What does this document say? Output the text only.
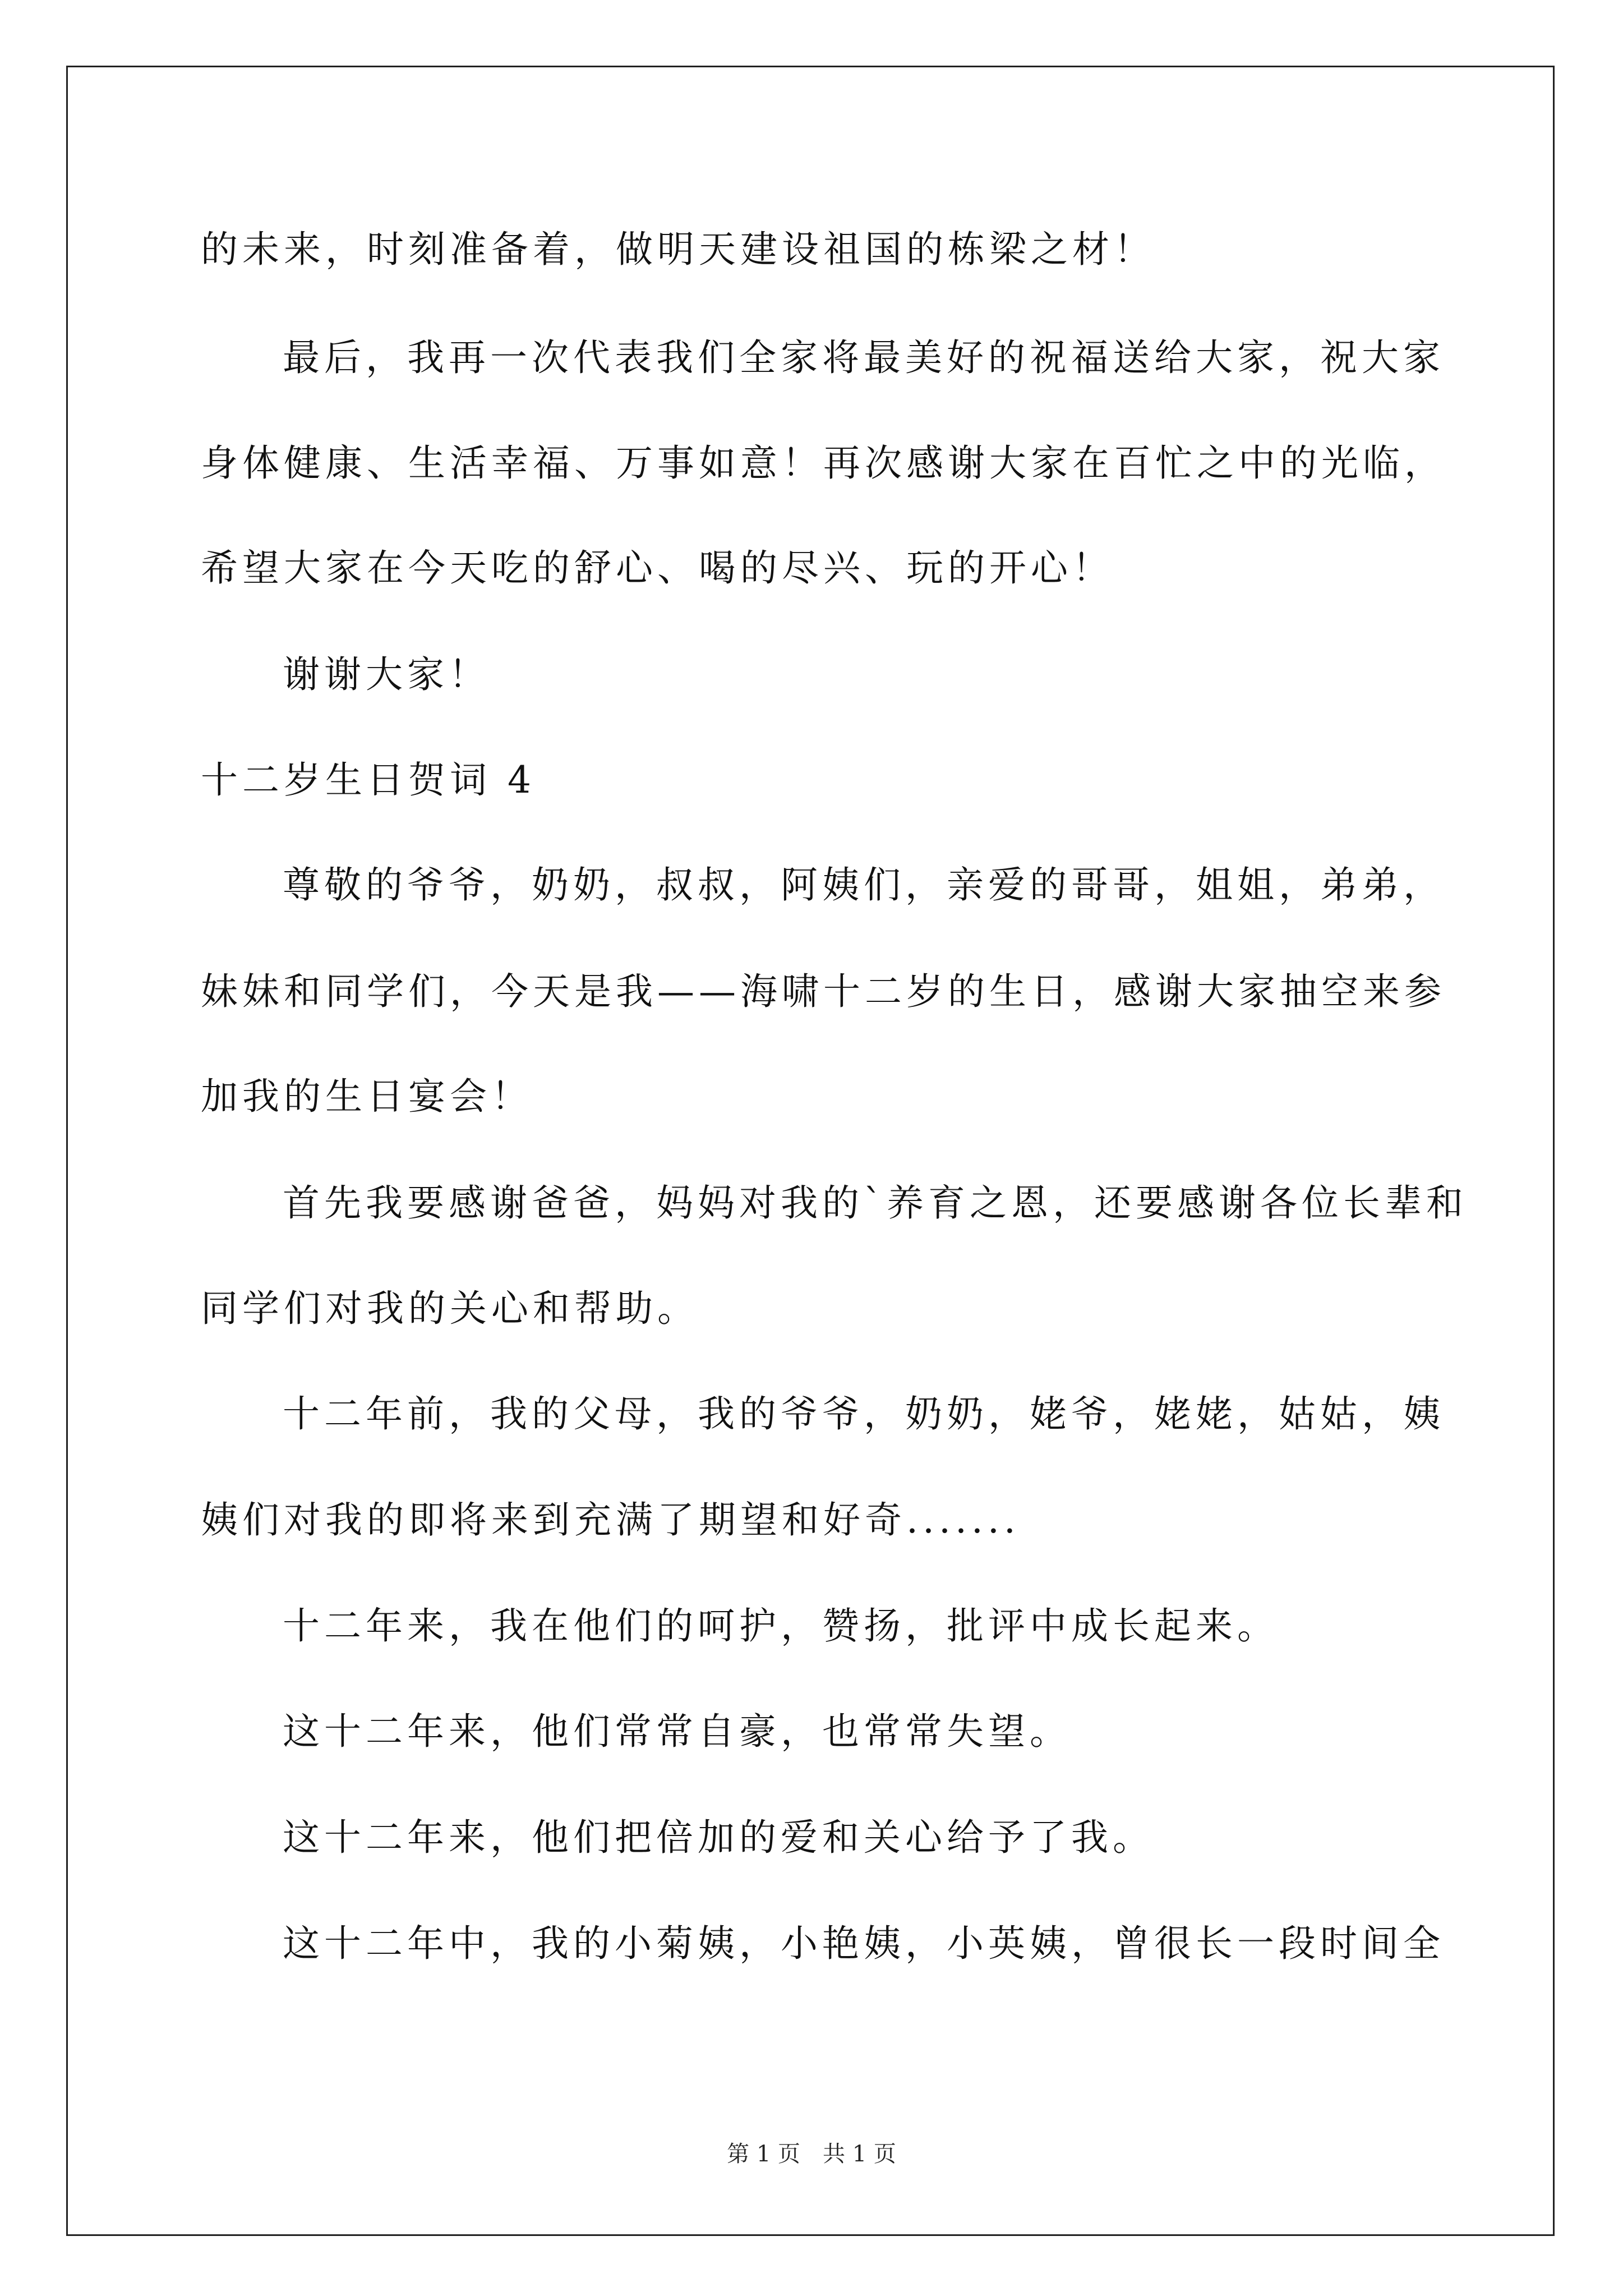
的未来，时刻准备着，做明天建设祖国的栋梁之材！
最后，我再一次代表我们全家将最美好的祝福送给大家，祝大家
身体健康、生活幸福、万事如意！再次感谢大家在百忙之中的光临，
希望大家在今天吃的舒心、喝的尽兴、玩的开心！
谢谢大家！
十二岁生日贺词 4
尊敬的爷爷，奶奶，叔叔，阿姨们，亲爱的哥哥，姐姐，弟弟，
妹妹和同学们，今天是我——海啸十二岁的生日，感谢大家抽空来参
加我的生日宴会！
首先我要感谢爸爸，妈妈对我的`养育之恩，还要感谢各位长辈和
同学们对我的关心和帮助。
十二年前，我的父母，我的爷爷，奶奶，姥爷，姥姥，姑姑，姨
姨们对我的即将来到充满了期望和好奇.......
十二年来，我在他们的呵护，赞扬，批评中成长起来。
这十二年来，他们常常自豪，也常常失望。
这十二年来，他们把倍加的爱和关心给予了我。
这十二年中，我的小菊姨，小艳姨，小英姨，曾很长一段时间全
第 1 页　共 1 页
